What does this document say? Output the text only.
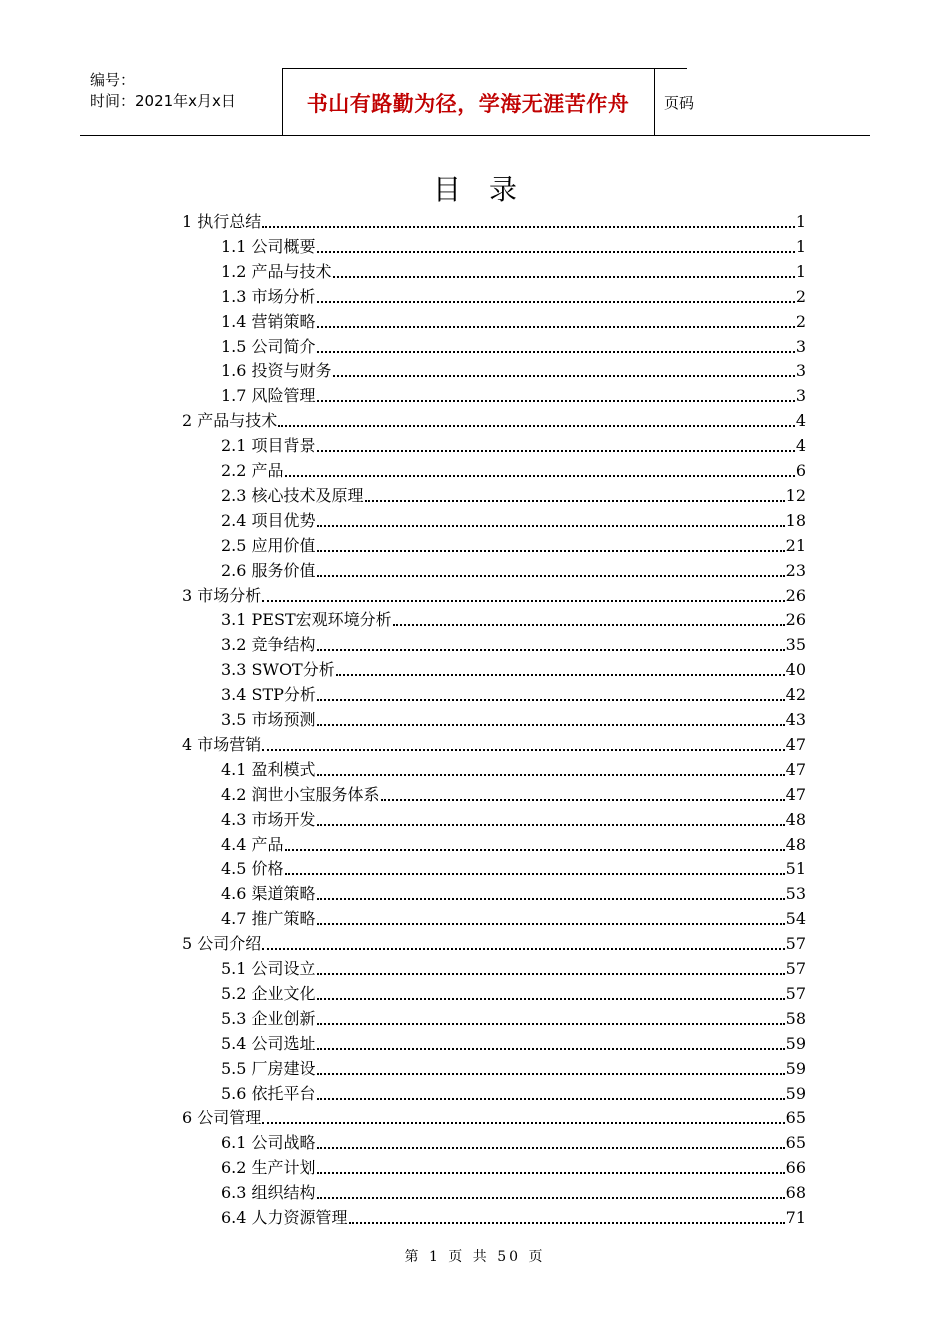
编号：
时间：2021年x月x日	书山有路勤为径，学海无涯苦作舟	页码
目录
1 执行总结	1
1.1 公司概要	1
1.2 产品与技术	1
1.3 市场分析	2
1.4 营销策略	2
1.5 公司简介	3
1.6 投资与财务	3
1.7 风险管理	3
2 产品与技术	4
2.1 项目背景	4
2.2 产品	6
2.3 核心技术及原理	12
2.4 项目优势	18
2.5 应用价值	21
2.6 服务价值	23
3 市场分析	26
3.1 PEST宏观环境分析	26
3.2 竞争结构	35
3.3 SWOT分析	40
3.4 STP分析	42
3.5 市场预测	43
4 市场营销	47
4.1 盈利模式	47
4.2 润世小宝服务体系	47
4.3 市场开发	48
4.4 产品	48
4.5 价格	51
4.6 渠道策略	53
4.7 推广策略	54
5 公司介绍	57
5.1 公司设立	57
5.2 企业文化	57
5.3 企业创新	58
5.4 公司选址	59
5.5 厂房建设	59
5.6 依托平台	59
6 公司管理	65
6.1 公司战略	65
6.2 生产计划	66
6.3 组织结构	68
6.4 人力资源管理	71
第 1 页 共 50 页
